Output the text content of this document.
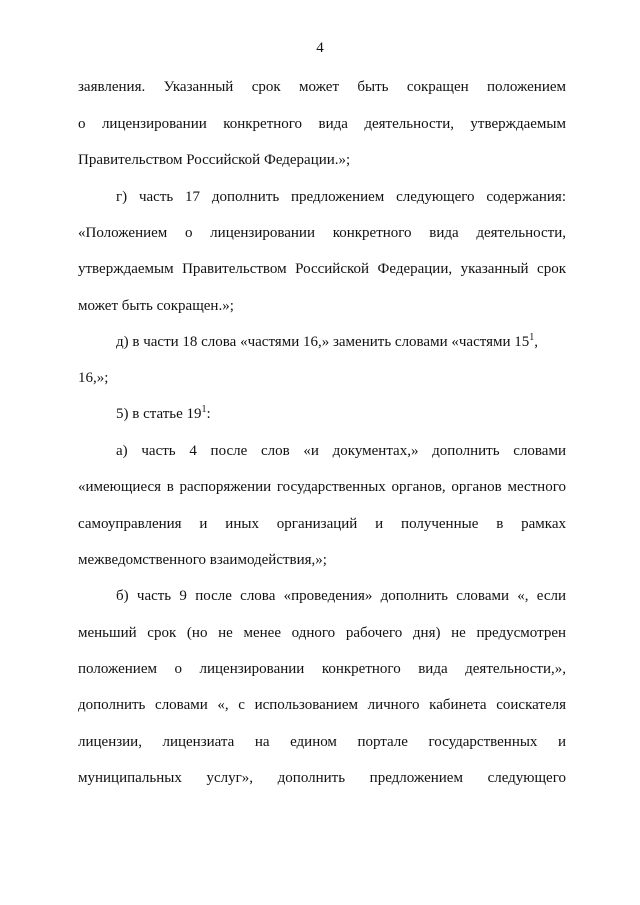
4
заявления. Указанный срок может быть сокращен положением
о лицензировании конкретного вида деятельности, утверждаемым
Правительством Российской Федерации.»;
г) часть 17 дополнить предложением следующего содержания:
«Положением о лицензировании конкретного вида деятельности,
утверждаемым Правительством Российской Федерации, указанный срок
может быть сокращен.»;
д) в части 18 слова «частями 16,» заменить словами «частями $15^1$,
16,»;
5) в статье $19^1$:
а) часть 4 после слов «и документах,» дополнить словами
«имеющиеся в распоряжении государственных органов, органов местного
самоуправления и иных организаций и полученные в рамках
межведомственного взаимодействия,»;
б) часть 9 после слова «проведения» дополнить словами «, если
меньший срок (но не менее одного рабочего дня) не предусмотрен
положением о лицензировании конкретного вида деятельности,»,
дополнить словами «, с использованием личного кабинета соискателя
лицензии, лицензиата на едином портале государственных и
муниципальных услуг», дополнить предложением следующего
